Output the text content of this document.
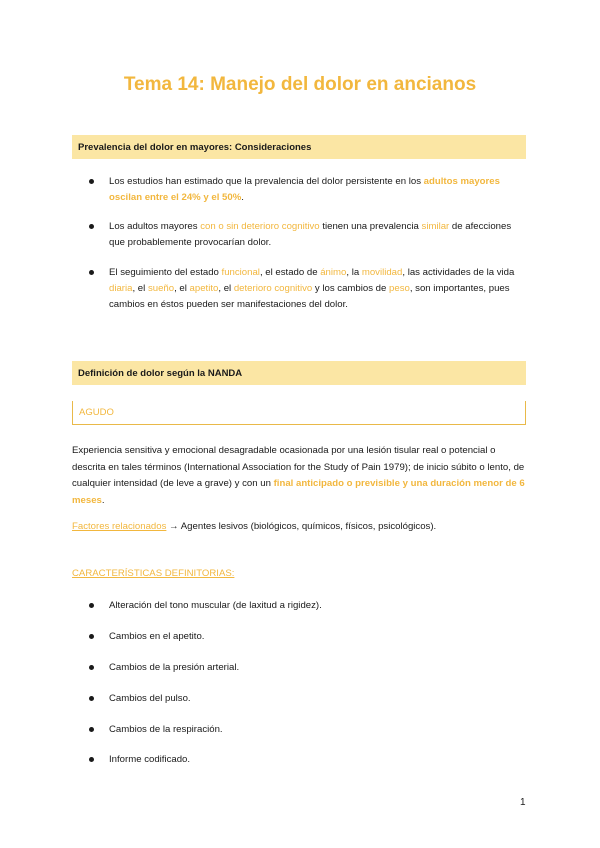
Tema 14: Manejo del dolor en ancianos
Prevalencia del dolor en mayores: Consideraciones
Los estudios han estimado que la prevalencia del dolor persistente en los adultos mayores oscilan entre el 24% y el 50%.
Los adultos mayores con o sin deterioro cognitivo tienen una prevalencia similar de afecciones que probablemente provocarían dolor.
El seguimiento del estado funcional, el estado de ánimo, la movilidad, las actividades de la vida diaria, el sueño, el apetito, el deterioro cognitivo y los cambios de peso, son importantes, pues cambios en éstos pueden ser manifestaciones del dolor.
Definición de dolor según la NANDA
AGUDO
Experiencia sensitiva y emocional desagradable ocasionada por una lesión tisular real o potencial o descrita en tales términos (International Association for the Study of Pain 1979); de inicio súbito o lento, de cualquier intensidad (de leve a grave) y con un final anticipado o previsible y una duración menor de 6 meses.
Factores relacionados → Agentes lesivos (biológicos, químicos, físicos, psicológicos).
CARACTERÍSTICAS DEFINITORIAS:
Alteración del tono muscular (de laxitud a rigidez).
Cambios en el apetito.
Cambios de la presión arterial.
Cambios del pulso.
Cambios de la respiración.
Informe codificado.
1
